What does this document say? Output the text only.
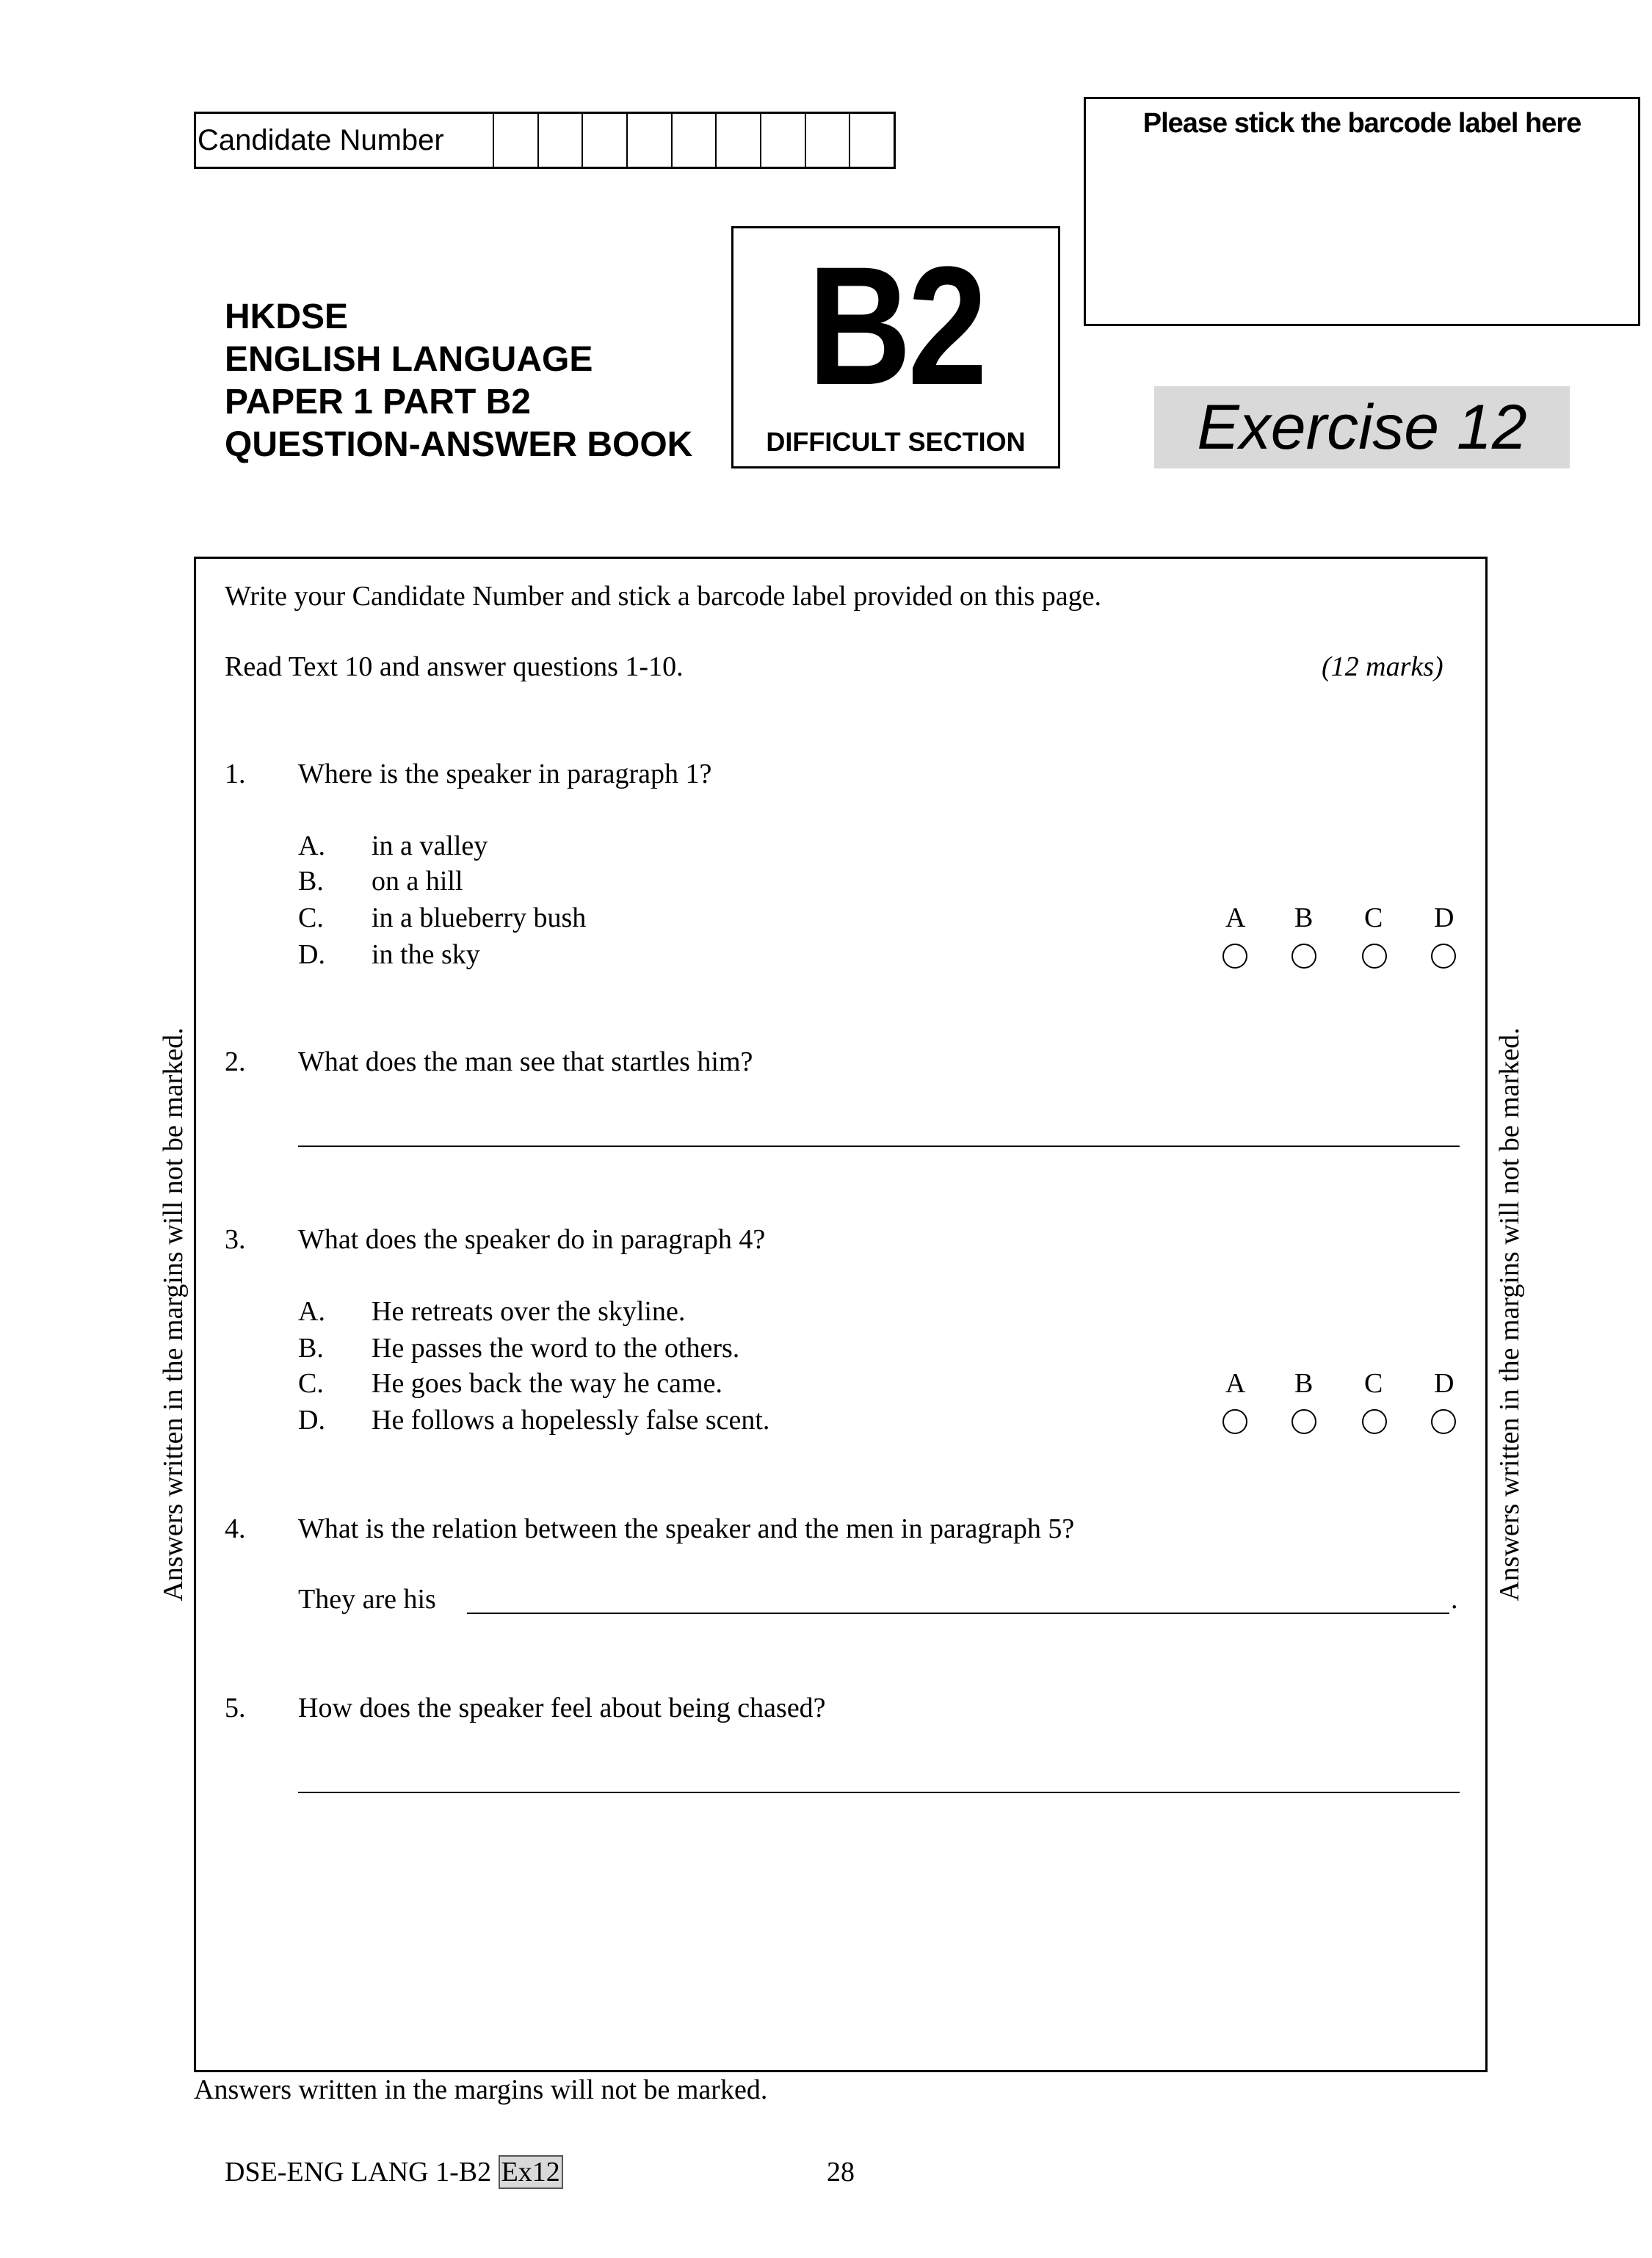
Candidate Number
Please stick the barcode label here
HKDSE
ENGLISH LANGUAGE
PAPER 1 PART B2
QUESTION-ANSWER BOOK
B2
DIFFICULT SECTION	Exercise 12
Write your Candidate Number and stick a barcode label provided on this page.
Read Text 10 and answer questions 1-10.	(12 marks)
1. Where is the speaker in paragraph 1?
A. in a valley
B. on a hill
C. in a blueberry bush
D. in the sky
A B C D
2. What does the man see that startles him?
3. What does the speaker do in paragraph 4?
A. He retreats over the skyline.
B. He passes the word to the others.
C. He goes back the way he came.
D. He follows a hopelessly false scent.
A B C D
4. What is the relation between the speaker and the men in paragraph 5?
They are his	.
5. How does the speaker feel about being chased?
Answers written in the margins will not be marked.	Answers written in the margins will not be marked.
Answers written in the margins will not be marked.
DSE-ENG LANG 1-B2 Ex12	28
